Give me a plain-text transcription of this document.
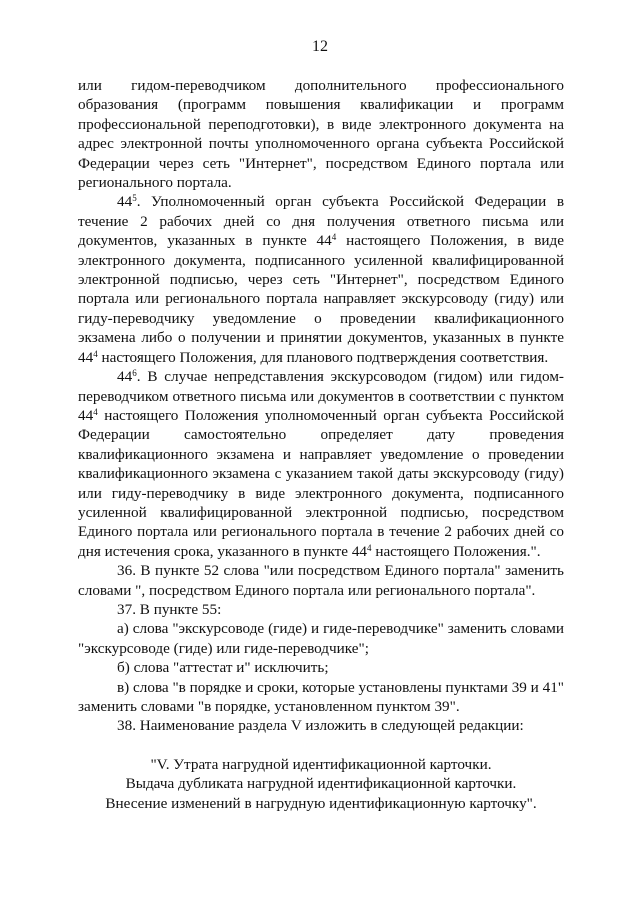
12

или гидом-переводчиком дополнительного профессионального образования (программ повышения квалификации и программ профессиональной переподготовки), в виде электронного документа на адрес электронной почты уполномоченного органа субъекта Российской Федерации через сеть "Интернет", посредством Единого портала или регионального портала.

$44^5$. Уполномоченный орган субъекта Российской Федерации в течение 2 рабочих дней со дня получения ответного письма или документов, указанных в пункте $44^4$ настоящего Положения, в виде электронного документа, подписанного усиленной квалифицированной электронной подписью, через сеть "Интернет", посредством Единого портала или регионального портала направляет экскурсоводу (гиду) или гиду-переводчику уведомление о проведении квалификационного экзамена либо о получении и принятии документов, указанных в пункте $44^4$ настоящего Положения, для планового подтверждения соответствия.

$44^6$. В случае непредставления экскурсоводом (гидом) или гидом-переводчиком ответного письма или документов в соответствии с пунктом $44^4$ настоящего Положения уполномоченный орган субъекта Российской Федерации самостоятельно определяет дату проведения квалификационного экзамена и направляет уведомление о проведении квалификационного экзамена с указанием такой даты экскурсоводу (гиду) или гиду-переводчику в виде электронного документа, подписанного усиленной квалифицированной электронной подписью, посредством Единого портала или регионального портала в течение 2 рабочих дней со дня истечения срока, указанного в пункте $44^4$ настоящего Положения.".

36. В пункте 52 слова "или посредством Единого портала" заменить словами ", посредством Единого портала или регионального портала".

37. В пункте 55:

а) слова "экскурсоводе (гиде) и гиде-переводчике" заменить словами "экскурсоводе (гиде) или гиде-переводчике";

б) слова "аттестат и" исключить;

в) слова "в порядке и сроки, которые установлены пунктами 39 и 41" заменить словами "в порядке, установленном пунктом 39".

38. Наименование раздела V изложить в следующей редакции:

"V. Утрата нагрудной идентификационной карточки.

Выдача дубликата нагрудной идентификационной карточки.

Внесение изменений в нагрудную идентификационную карточку".
